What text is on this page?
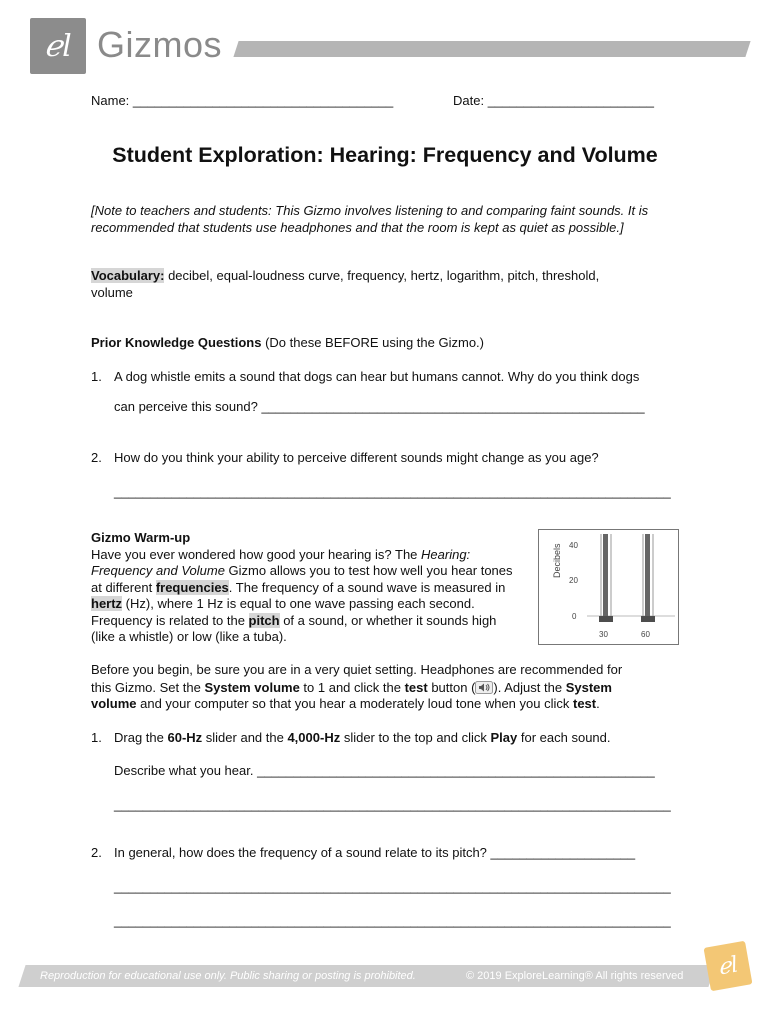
ℯl Gizmos
Name: ____________________________________	Date: _______________________
Student Exploration: Hearing: Frequency and Volume
[Note to teachers and students: This Gizmo involves listening to and comparing faint sounds. It is recommended that students use headphones and that the room is kept as quiet as possible.]
Vocabulary: decibel, equal-loudness curve, frequency, hertz, logarithm, pitch, threshold,
volume
Prior Knowledge Questions (Do these BEFORE using the Gizmo.)
1. A dog whistle emits a sound that dogs can hear but humans cannot. Why do you think dogs
can perceive this sound? _____________________________________________________
2. How do you think your ability to perceive different sounds might change as you age?
_____________________________________________________________________________
Gizmo Warm-up
Have you ever wondered how good your hearing is? The Hearing: Frequency and Volume Gizmo allows you to test how well you hear tones at different frequencies. The frequency of a sound wave is measured in hertz (Hz), where 1 Hz is equal to one wave passing each second. Frequency is related to the pitch of a sound, or whether it sounds high (like a whistle) or low (like a tuba).
Decibels 40
20
0
30	60
Before you begin, be sure you are in a very quiet setting. Headphones are recommended for
this Gizmo. Set the System volume to 1 and click the test button ( ). Adjust the System
volume and your computer so that you hear a moderately loud tone when you click test.
1. Drag the 60-Hz slider and the 4,000-Hz slider to the top and click Play for each sound.
Describe what you hear. _______________________________________________________
_____________________________________________________________________________
2. In general, how does the frequency of a sound relate to its pitch? ____________________
_____________________________________________________________________________
_____________________________________________________________________________
Reproduction for educational use only. Public sharing or posting is prohibited.	© 2019 ExploreLearning® All rights reserved ℯl
